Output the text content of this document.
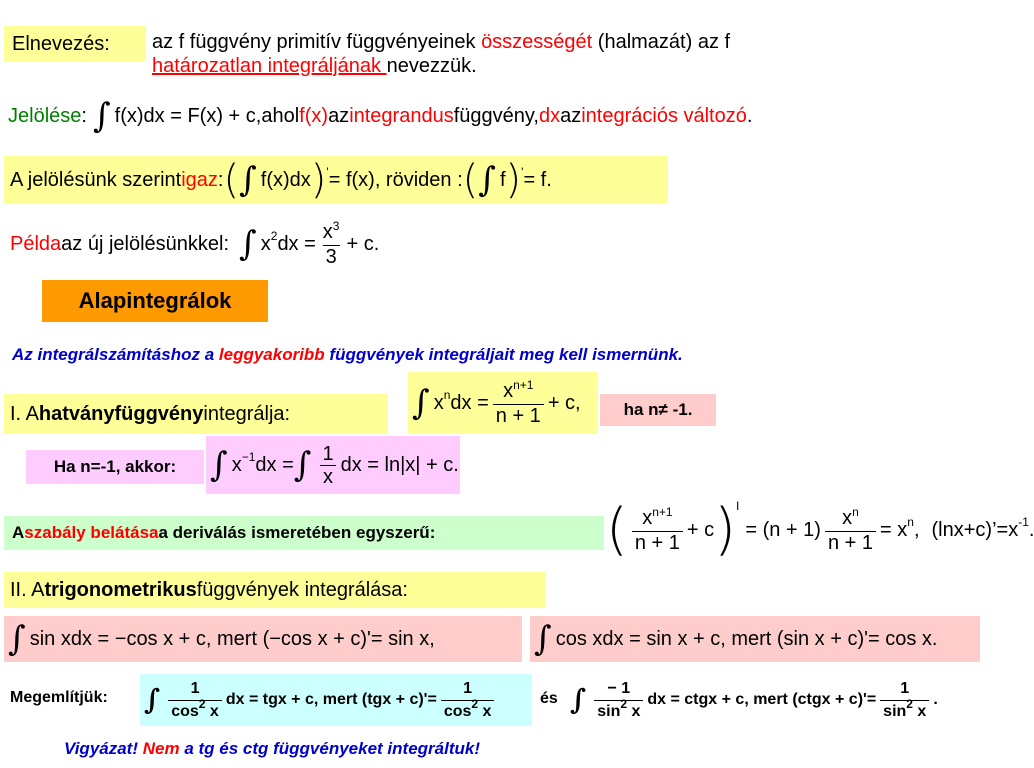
Elnevezés:	az f függvény primitív függvényeinek összességét (halmazát) az f
határozatlan integráljának nevezzük.
Jelölése : ∫ f(x)dx = F(x) + c, ahol f(x) az integrandus függvény, dx az integrációs változó .
A jelölésünk szerint igaz : ( ∫ f(x)dx ) ' = f(x), röviden : ( ∫ f ) ' = f.
Példa az új jelölésünkkel: ∫ x 2 dx = $\frac{x^3}{3} + c$.
Alapintegrálok
Az integrálszámításhoz a leggyakoribb függvények integráljait meg kell ismernünk.
I. A hatványfüggvény integrálja:	∫ x n dx = $\frac{x^{n+1}}{n + 1} + c$,	ha n≠ -1.
Ha n=-1, akkor: ∫ x −1 dx = ∫ $\frac{1}{x}$ dx = ln|x| + c.
A szabály belátása a deriválás ismeretében egyszerű:	( $\frac{x^{n+1}}{n + 1} + c$ ) I
= $(n + 1) \frac{x^n}{n + 1} = x$ n , (lnx+c)’=x -1 .
II. A trigonometrikus függvények integrálása:
∫ sin xdx = −cos x + c, mert (−cos x + c)'= sin x,	∫ cos xdx = sin x + c, mert (sin x + c)'= cos x.
Megemlítjük:	∫ $\frac{1}{\cos^2 x}$ dx = tgx + c, mert $(tgx + c)'= \frac{1}{\cos^2 x}$	és ∫ $\frac{- 1}{\sin^2 x}$ dx = ctgx + c, mert (ctgx + $c)'= \frac{1}{\sin^2 x}$ .
Vigyázat! Nem a tg és ctg függvényeket integráltuk!
